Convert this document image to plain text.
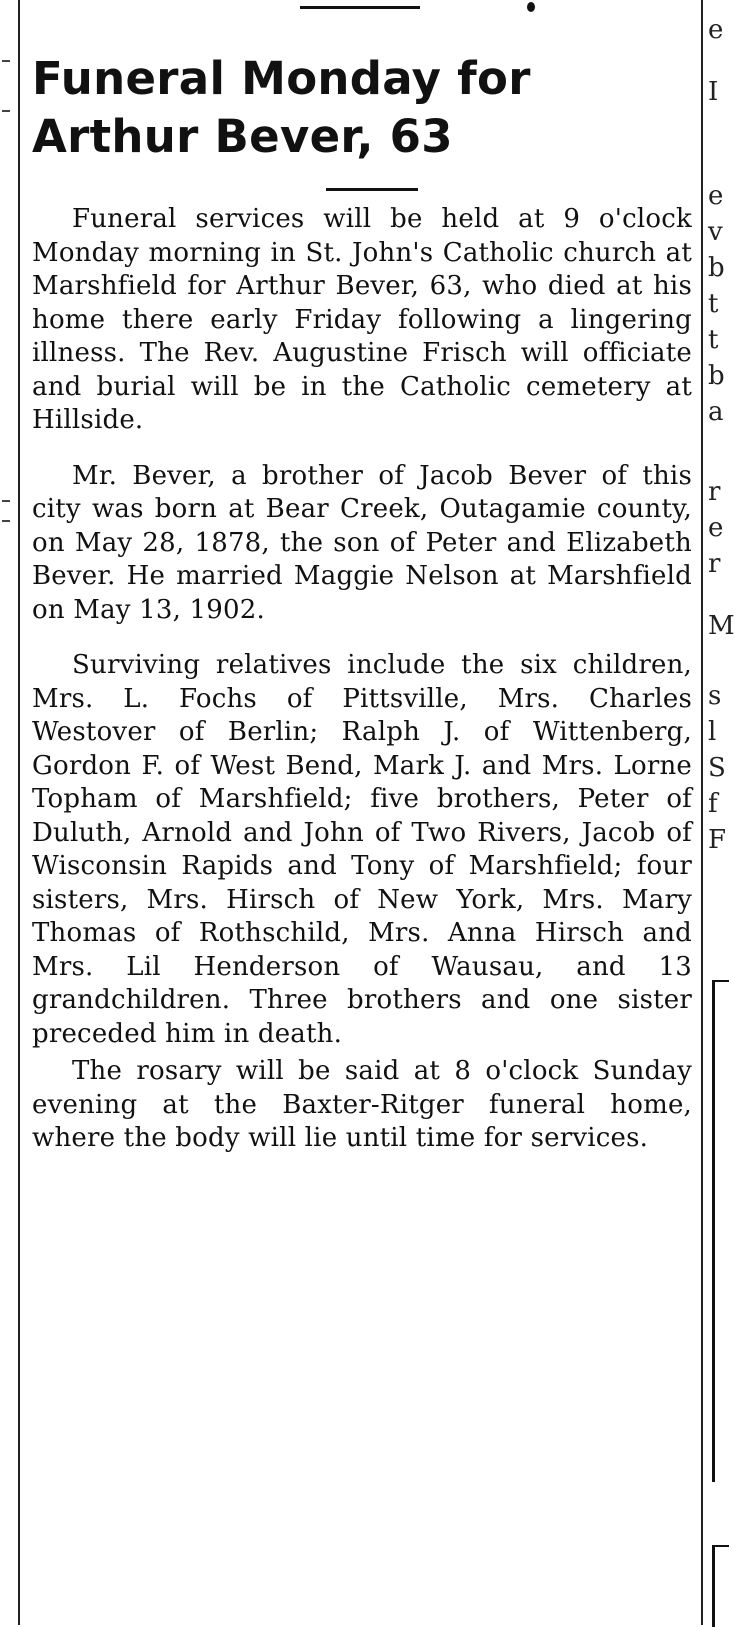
Funeral Monday for
Arthur Bever, 63

Funeral services will be held at 9 o'clock Monday morning in St. John's Catholic church at Marshfield for Arthur Bever, 63, who died at his home there early Friday following a lingering illness. The Rev. Augustine Frisch will officiate and burial will be in the Catholic cemetery at Hillside.

Mr. Bever, a brother of Jacob Bever of this city was born at Bear Creek, Outagamie county, on May 28, 1878, the son of Peter and Elizabeth Bever. He married Maggie Nelson at Marshfield on May 13, 1902.

Surviving relatives include the six children, Mrs. L. Fochs of Pittsville, Mrs. Charles Westover of Berlin; Ralph J. of Wittenberg, Gordon F. of West Bend, Mark J. and Mrs. Lorne Topham of Marshfield; five brothers, Peter of Duluth, Arnold and John of Two Rivers, Jacob of Wisconsin Rapids and Tony of Marshfield; four sisters, Mrs. Hirsch of New York, Mrs. Mary Thomas of Rothschild, Mrs. Anna Hirsch and Mrs. Lil Henderson of Wausau, and 13 grandchildren. Three brothers and one sister preceded him in death.

The rosary will be said at 8 o'clock Sunday evening at the Baxter-Ritger funeral home, where the body will lie until time for services.

e
I
e
v
b
t
t
b
a
r
e
r
M
s
l
S
f
F
